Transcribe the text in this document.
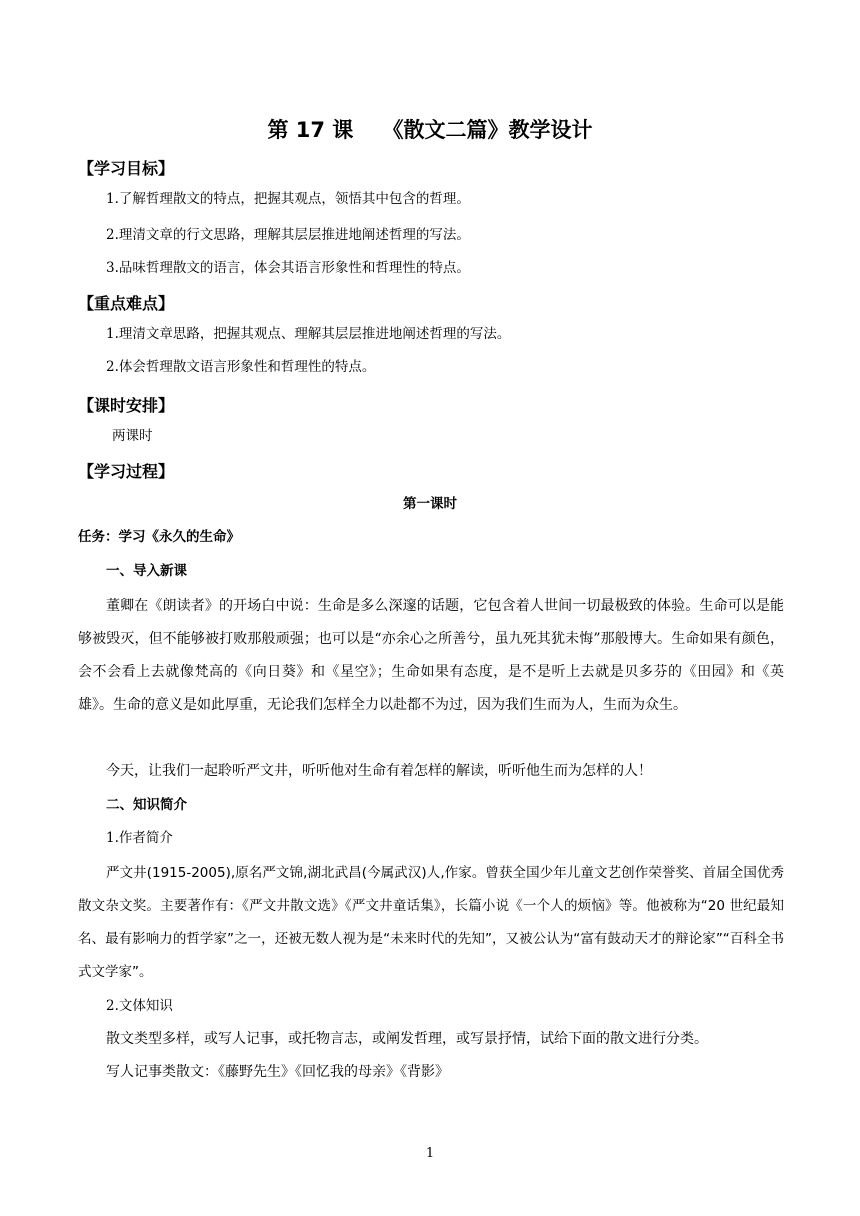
第 17 课    《散文二篇》教学设计
【学习目标】
1.了解哲理散文的特点，把握其观点，领悟其中包含的哲理。
2.理清文章的行文思路，理解其层层推进地阐述哲理的写法。
3.品味哲理散文的语言，体会其语言形象性和哲理性的特点。
【重点难点】
1.理清文章思路，把握其观点、理解其层层推进地阐述哲理的写法。
2.体会哲理散文语言形象性和哲理性的特点。
【课时安排】
两课时
【学习过程】
第一课时
任务：学习《永久的生命》
一、导入新课
董卿在《朗读者》的开场白中说：生命是多么深邃的话题，它包含着人世间一切最极致的体验。生命可以是能够被毁灭，但不能够被打败那般顽强；也可以是“亦余心之所善兮，虽九死其犹未悔”那般博大。生命如果有颜色，会不会看上去就像梵高的《向日葵》和《星空》；生命如果有态度，是不是听上去就是贝多芬的《田园》和《英雄》。生命的意义是如此厚重，无论我们怎样全力以赴都不为过，因为我们生而为人，生而为众生。
今天，让我们一起聆听严文井，听听他对生命有着怎样的解读，听听他生而为怎样的人！
二、知识简介
1.作者简介
严文井(1915-2005),原名严文锦,湖北武昌(今属武汉)人,作家。曾获全国少年儿童文艺创作荣誉奖、首届全国优秀散文杂文奖。主要著作有：《严文井散文选》《严文井童话集》，长篇小说《一个人的烦恼》等。他被称为“20 世纪最知名、最有影响力的哲学家”之一，还被无数人视为是“未来时代的先知”，又被公认为“富有鼓动天才的辩论家”“百科全书式文学家”。
2.文体知识
散文类型多样，或写人记事，或托物言志，或阐发哲理，或写景抒情，试给下面的散文进行分类。
写人记事类散文：《藤野先生》《回忆我的母亲》《背影》
1
